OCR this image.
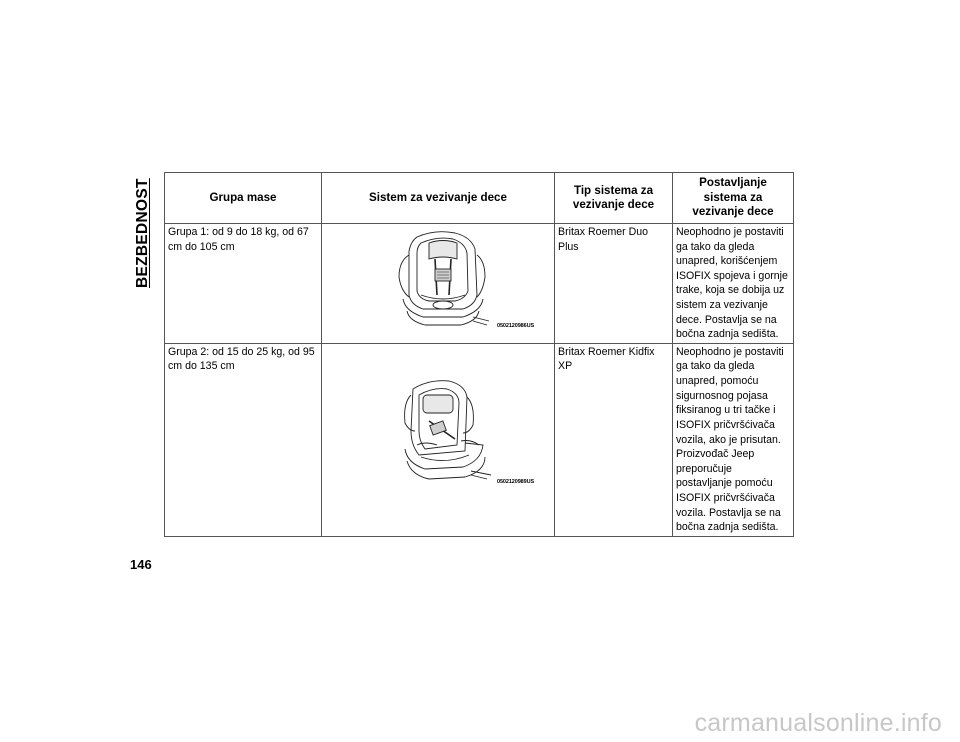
BEZBEDNOST	Grupa mase	Sistem za vezivanje dece	Tip sistema za vezivanje dece	Postavljanje sistema za vezivanje dece
Grupa 1: od 9 do 18 kg, od 67 cm do 105 cm	0502120986US	Britax Roemer Duo Plus	Neophodno je postaviti ga tako da gleda unapred, korišćenjem ISOFIX spojeva i gornje trake, koja se dobija uz sistem za vezivanje dece. Postavlja se na bočna zadnja sedišta.
Grupa 2: od 15 do 25 kg, od 95 cm do 135 cm	0502120989US	Britax Roemer Kidfix XP	Neophodno je postaviti ga tako da gleda unapred, pomoću sigurnosnog pojasa fiksiranog u tri tačke i ISOFIX pričvršćivača vozila, ako je prisutan. Proizvođač Jeep preporučuje postavljanje pomoću ISOFIX pričvršćivača vozila. Postavlja se na bočna zadnja sedišta.
146
carmanualsonline.info
